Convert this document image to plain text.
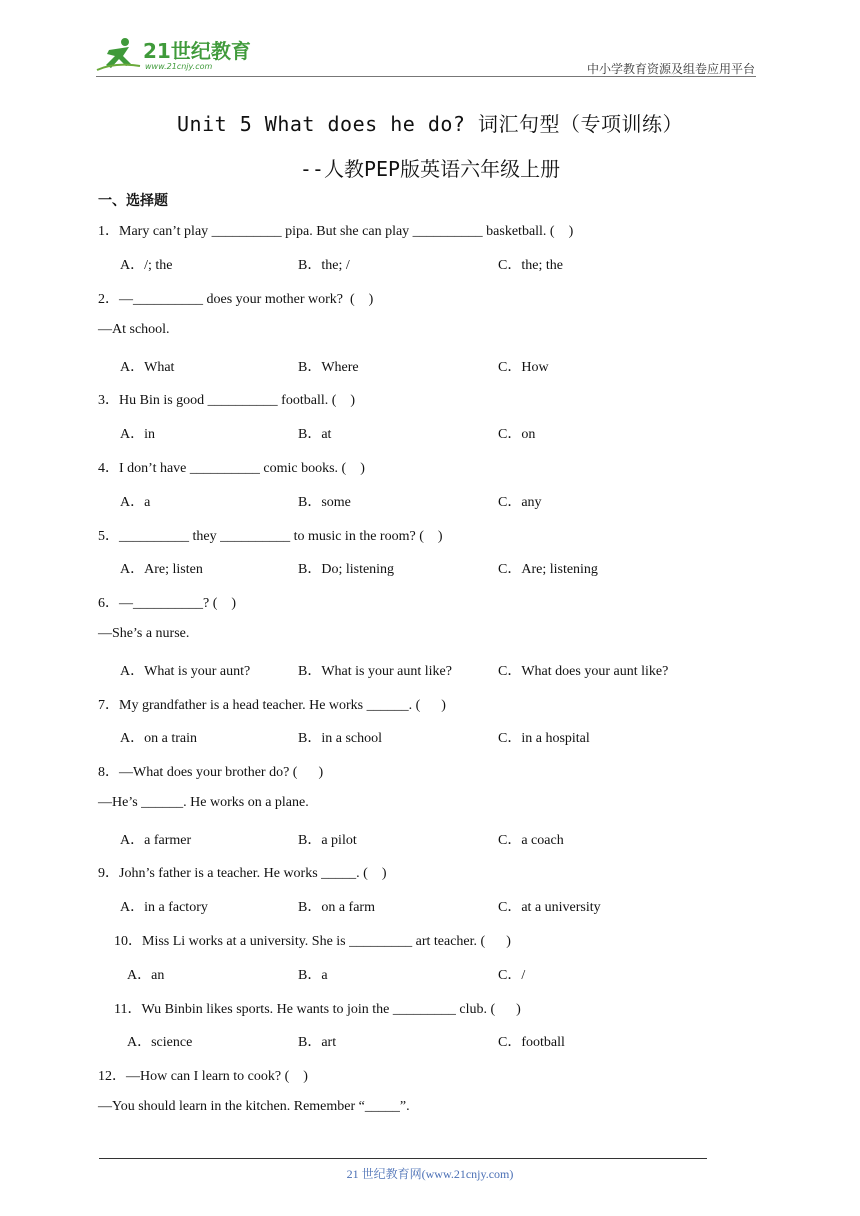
21世纪教育
www.21cnjy.com	中小学教育资源及组卷应用平台
Unit 5 What does he do? 词汇句型（专项训练）
--人教PEP版英语六年级上册
一、选择题
1．Mary can’t play __________ pipa. But she can play __________ basketball. (    )
A．/; the	B．the; /	C．the; the
2．—__________ does your mother work?  (    )
—At school.
A．What	B．Where	C．How
3．Hu Bin is good __________ football. (    )
A．in	B．at	C．on
4．I don’t have __________ comic books. (    )
A．a	B．some	C．any
5．__________ they __________ to music in the room? (    )
A．Are; listen	B．Do; listening	C．Are; listening
6．—__________? (    )
—She’s a nurse.
A．What is your aunt?	B．What is your aunt like?	C．What does your aunt like?
7．My grandfather is a head teacher. He works ______. (      )
A．on a train	B．in a school	C．in a hospital
8．—What does your brother do? (      )
—He’s ______. He works on a plane.
A．a farmer	B．a pilot	C．a coach
9．John’s father is a teacher. He works _____. (    )
A．in a factory	B．on a farm	C．at a university
10．Miss Li works at a university. She is _________ art teacher. (      )
A．an	B．a	C．/
11．Wu Binbin likes sports. He wants to join the _________ club. (      )
A．science	B．art	C．football
12．—How can I learn to cook? (    )
—You should learn in the kitchen. Remember “_____”.
21 世纪教育网(www.21cnjy.com)
